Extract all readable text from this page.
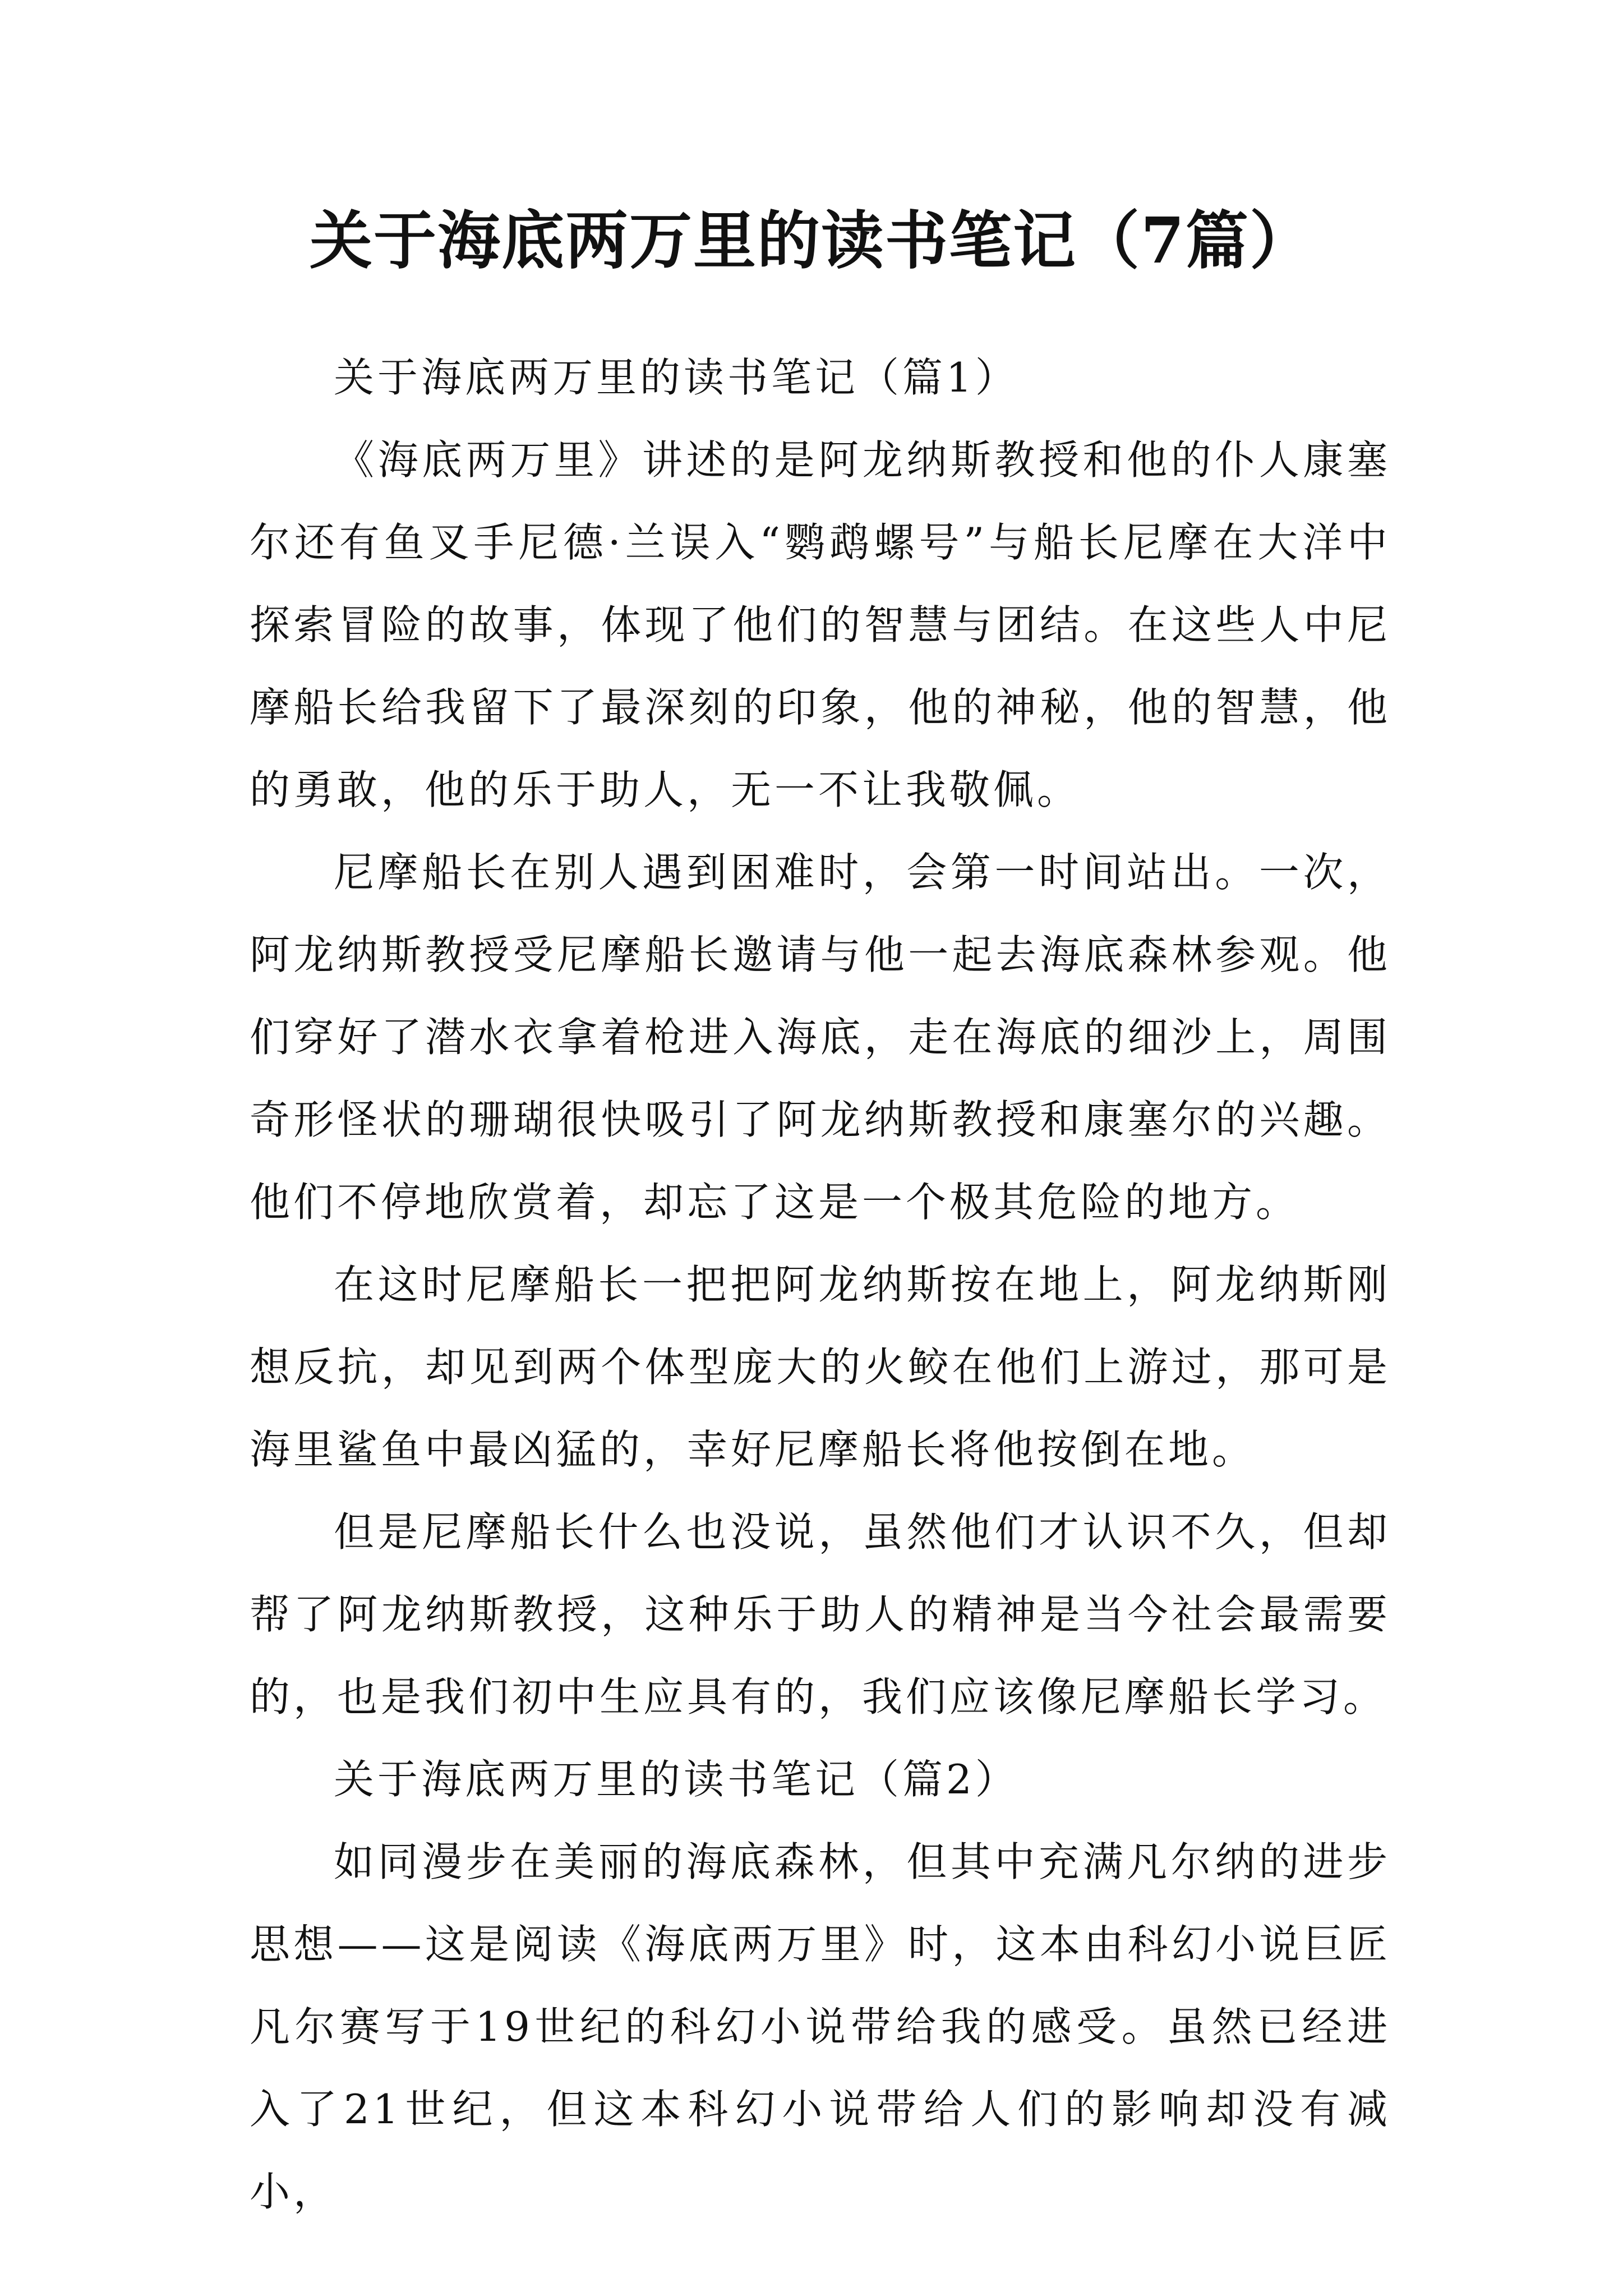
关于海底两万里的读书笔记（7篇）

关于海底两万里的读书笔记（篇1）

《海底两万里》讲述的是阿龙纳斯教授和他的仆人康塞尔还有鱼叉手尼德·兰误入“鹦鹉螺号”与船长尼摩在大洋中探索冒险的故事，体现了他们的智慧与团结。在这些人中尼摩船长给我留下了最深刻的印象，他的神秘，他的智慧，他的勇敢，他的乐于助人，无一不让我敬佩。

尼摩船长在别人遇到困难时，会第一时间站出。一次，阿龙纳斯教授受尼摩船长邀请与他一起去海底森林参观。他们穿好了潜水衣拿着枪进入海底，走在海底的细沙上，周围奇形怪状的珊瑚很快吸引了阿龙纳斯教授和康塞尔的兴趣。他们不停地欣赏着，却忘了这是一个极其危险的地方。

在这时尼摩船长一把把阿龙纳斯按在地上，阿龙纳斯刚想反抗，却见到两个体型庞大的火鲛在他们上游过，那可是海里鲨鱼中最凶猛的，幸好尼摩船长将他按倒在地。

但是尼摩船长什么也没说，虽然他们才认识不久，但却帮了阿龙纳斯教授，这种乐于助人的精神是当今社会最需要的，也是我们初中生应具有的，我们应该像尼摩船长学习。

关于海底两万里的读书笔记（篇2）

如同漫步在美丽的海底森林，但其中充满凡尔纳的进步思想——这是阅读《海底两万里》时，这本由科幻小说巨匠凡尔赛写于19世纪的科幻小说带给我的感受。虽然已经进入了21世纪，但这本科幻小说带给人们的影响却没有减小，
